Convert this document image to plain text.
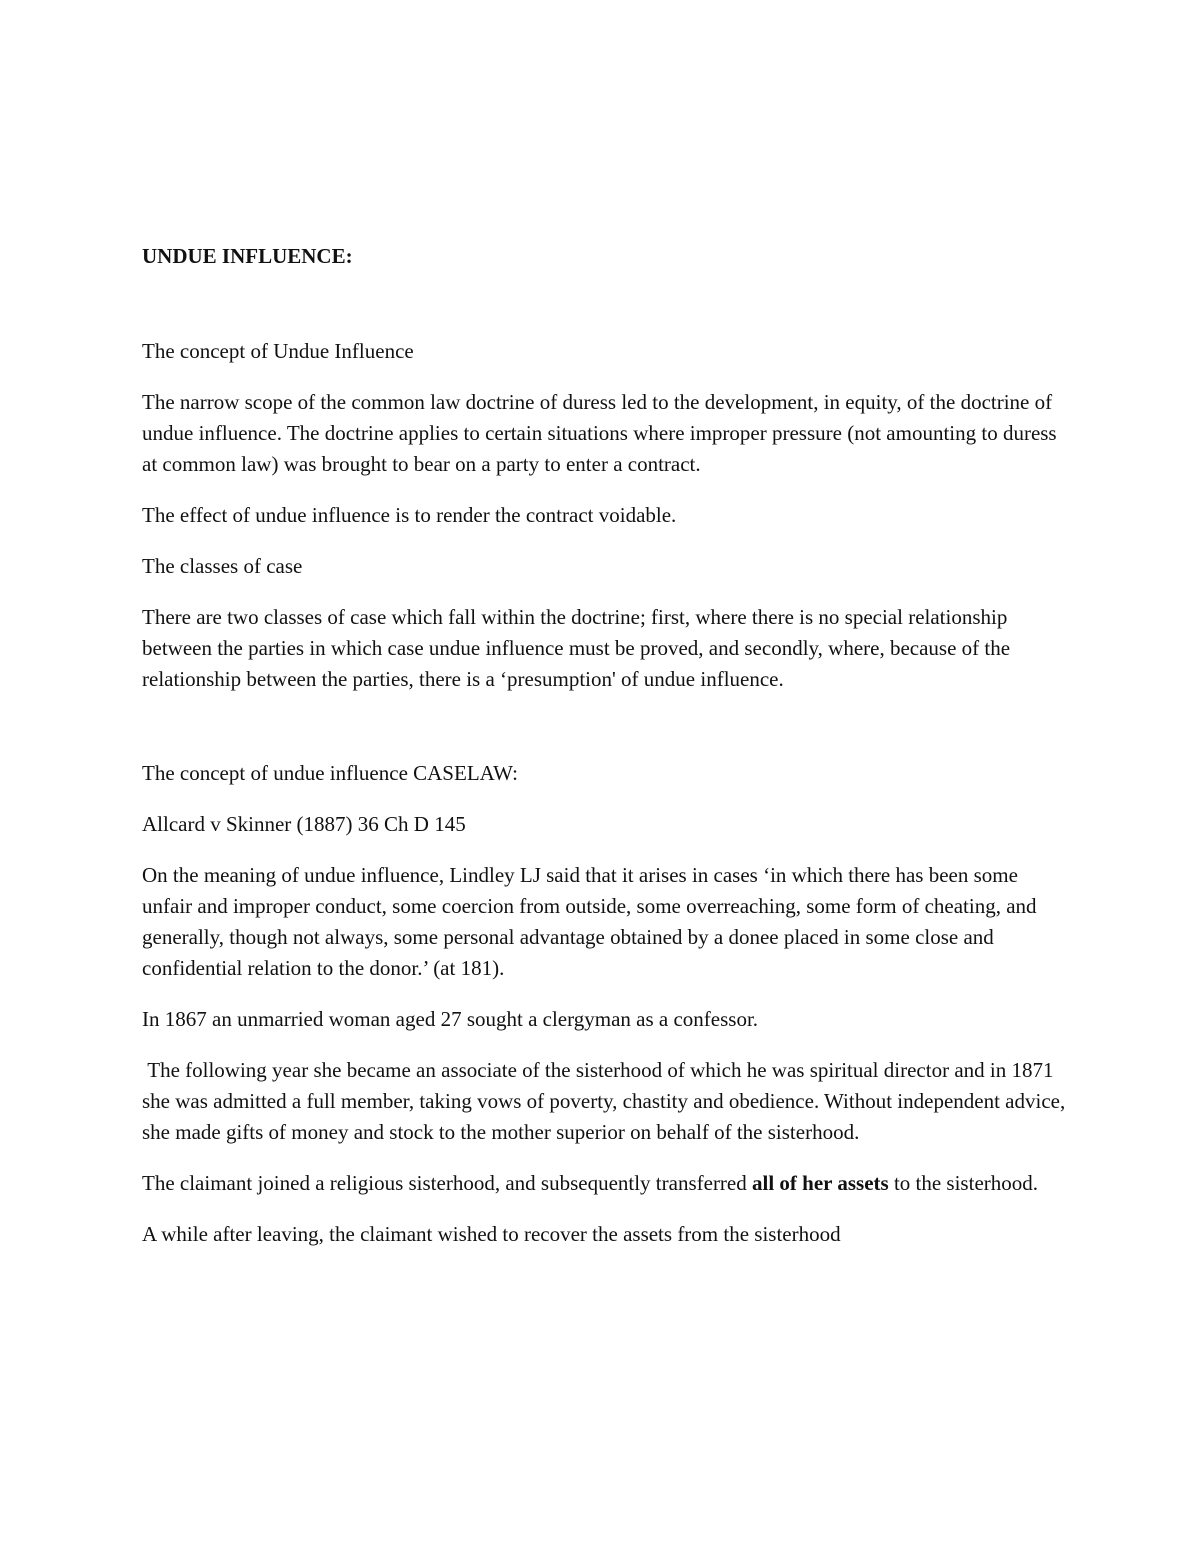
UNDUE INFLUENCE:

The concept of Undue Influence

The narrow scope of the common law doctrine of duress led to the development, in equity, of the doctrine of undue influence. The doctrine applies to certain situations where improper pressure (not amounting to duress at common law) was brought to bear on a party to enter a contract.

The effect of undue influence is to render the contract voidable.

The classes of case

There are two classes of case which fall within the doctrine; first, where there is no special relationship between the parties in which case undue influence must be proved, and secondly, where, because of the relationship between the parties, there is a ‘presumption' of undue influence.

The concept of undue influence CASELAW:

Allcard v Skinner (1887) 36 Ch D 145

On the meaning of undue influence, Lindley LJ said that it arises in cases ‘in which there has been some unfair and improper conduct, some coercion from outside, some overreaching, some form of cheating, and generally, though not always, some personal advantage obtained by a donee placed in some close and confidential relation to the donor.’ (at 181).

In 1867 an unmarried woman aged 27 sought a clergyman as a confessor.

The following year she became an associate of the sisterhood of which he was spiritual director and in 1871 she was admitted a full member, taking vows of poverty, chastity and obedience. Without independent advice, she made gifts of money and stock to the mother superior on behalf of the sisterhood.

The claimant joined a religious sisterhood, and subsequently transferred all of her assets to the sisterhood.

A while after leaving, the claimant wished to recover the assets from the sisterhood
